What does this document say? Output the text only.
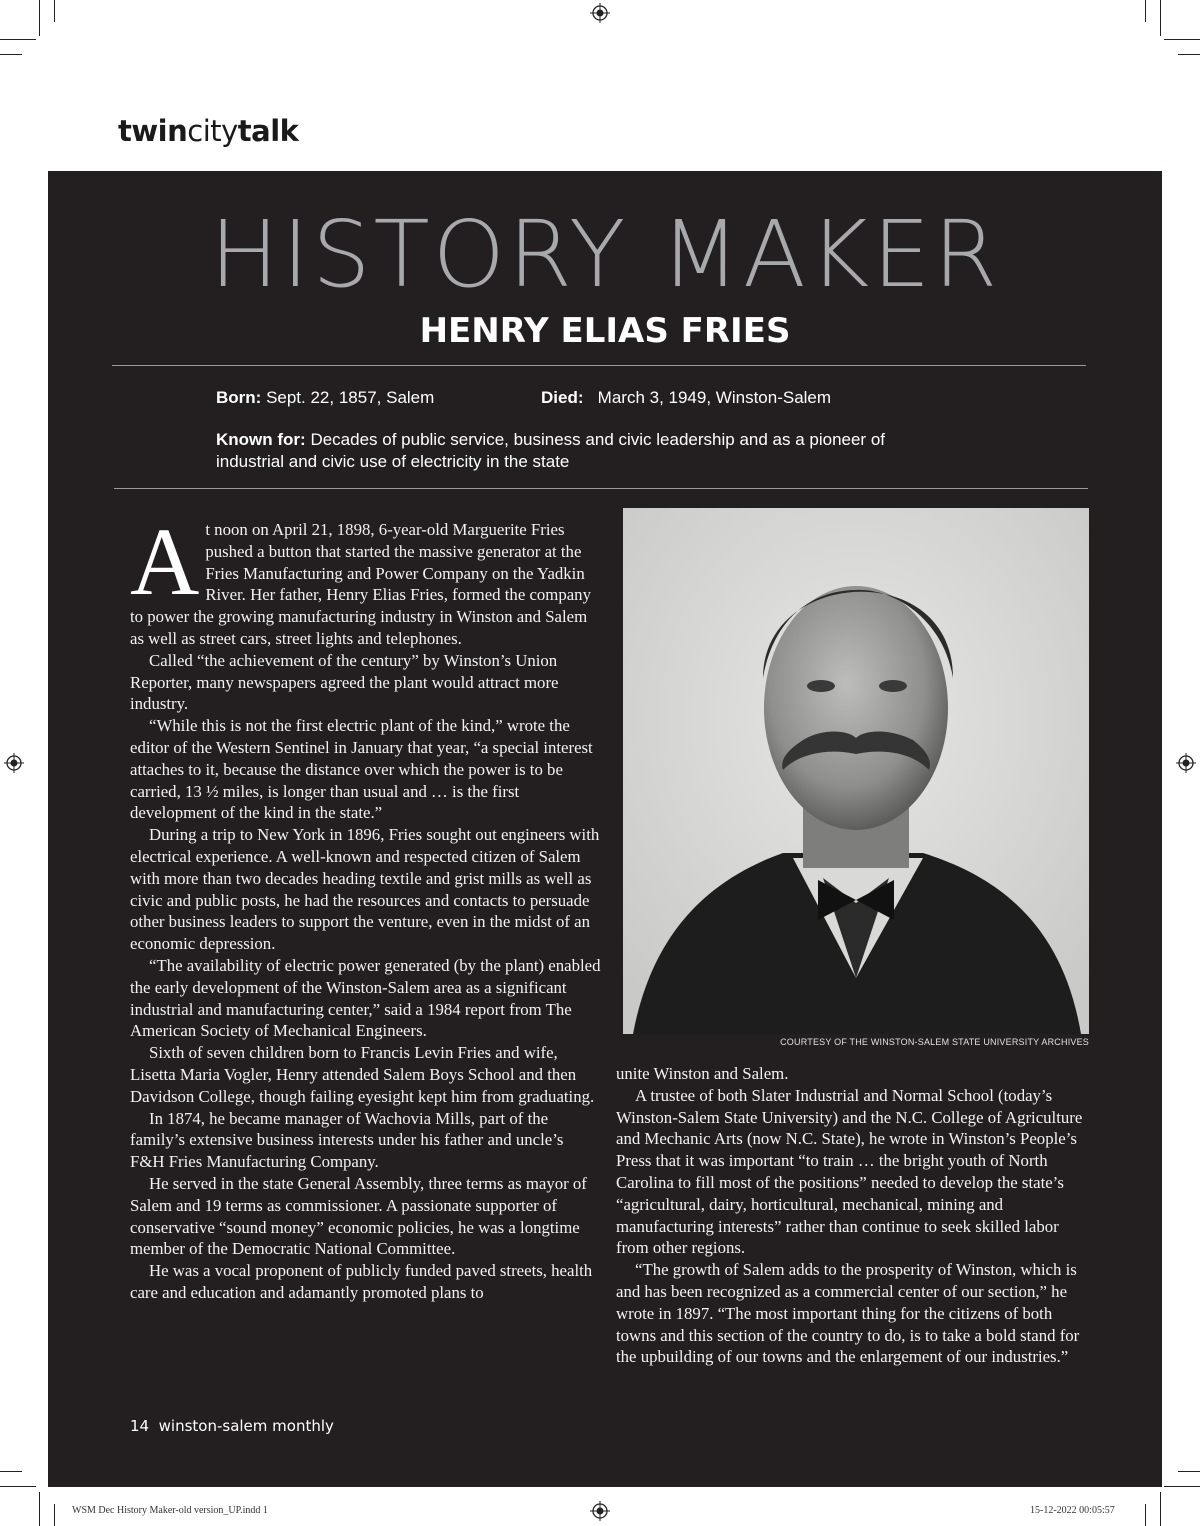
twincitytalk
HISTORY MAKER
HENRY ELIAS FRIES
Born: Sept. 22, 1857, Salem	Died: March 3, 1949, Winston-Salem
Known for: Decades of public service, business and civic leadership and as a pioneer of
industrial and civic use of electricity in the state

At noon on April 21, 1898, 6-year-old Marguerite Fries pushed a button that started the massive generator at the Fries Manufacturing and Power Company on the Yadkin River. Her father, Henry Elias Fries, formed the company to power the growing manufacturing industry in Winston and Salem as well as street cars, street lights and telephones.

Called “the achievement of the century” by Winston’s Union Reporter, many newspapers agreed the plant would attract more industry.

“While this is not the first electric plant of the kind,” wrote the editor of the Western Sentinel in January that year, “a special interest attaches to it, because the distance over which the power is to be carried, 13 ½ miles, is longer than usual and … is the first development of the kind in the state.”

During a trip to New York in 1896, Fries sought out engineers with electrical experience. A well-known and respected citizen of Salem with more than two decades heading textile and grist mills as well as civic and public posts, he had the resources and contacts to persuade other business leaders to support the venture, even in the midst of an economic depression.

“The availability of electric power generated (by the plant) enabled the early development of the Winston-Salem area as a significant industrial and manufacturing center,” said a 1984 report from The American Society of Mechanical Engineers.

Sixth of seven children born to Francis Levin Fries and wife, Lisetta Maria Vogler, Henry attended Salem Boys School and then Davidson College, though failing eyesight kept him from graduating.

In 1874, he became manager of Wachovia Mills, part of the family’s extensive business interests under his father and uncle’s F&H Fries Manufacturing Company.

He served in the state General Assembly, three terms as mayor of Salem and 19 terms as commissioner. A passionate supporter of conservative “sound money” economic policies, he was a longtime member of the Democratic National Committee.

He was a vocal proponent of publicly funded paved streets, health care and education and adamantly promoted plans to

COURTESY OF THE WINSTON-SALEM STATE UNIVERSITY ARCHIVES

unite Winston and Salem.

A trustee of both Slater Industrial and Normal School (today’s Winston-Salem State University) and the N.C. College of Agriculture and Mechanic Arts (now N.C. State), he wrote in Winston’s People’s Press that it was important “to train … the bright youth of North Carolina to fill most of the positions” needed to develop the state’s “agricultural, dairy, horticultural, mechanical, mining and manufacturing interests” rather than continue to seek skilled labor from other regions.

“The growth of Salem adds to the prosperity of Winston, which is and has been recognized as a commercial center of our section,” he wrote in 1897. “The most important thing for the citizens of both towns and this section of the country to do, is to take a bold stand for the upbuilding of our towns and the enlargement of our industries.”

14 winston-salem monthly
WSM Dec History Maker-old version_UP.indd 1	15-12-2022 00:05:57
